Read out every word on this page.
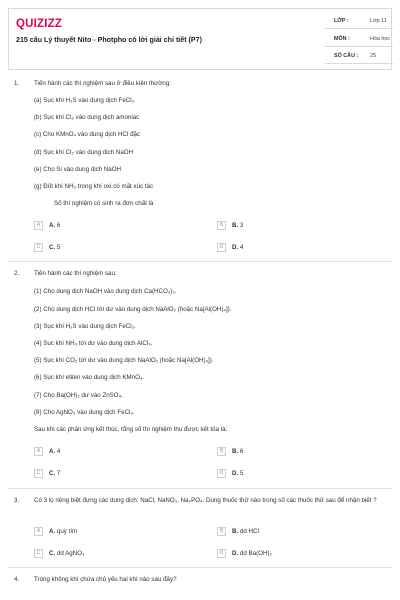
QUIZIZZ
215 câu Lý thuyết Nito - Photpho có lời giải chi tiết (P7)
LỚP :	Lớp 11
MÔN :	Hóa học
SỐ CÂU : 25
1. Tiến hành các thí nghiệm sau ở điều kiện thường:
(a) Sục khí H₂S vào dung dịch FeCl₃
(b) Sục khí Cl₂ vào dung dịch amoniac
(c) Cho KMnO₄ vào dung dịch HCl đặc
(d) Sục khí Cl₂ vào dung dịch NaOH
(e) Cho Si vào dung dịch NaOH
(g) Đốt khí NH₃ trong khí oxi có mặt xúc tác
Số thí nghiệm có sinh ra đơn chất là
A	A. 6	B	B. 3
C	C. 5	D	D. 4
2. Tiến hành các thí nghiệm sau:
(1) Cho dung dịch NaOH vào dung dịch Ca(HCO₃)₂.
(2) Cho dung dịch HCl tới dư vào dung dịch NaAlO₂ (hoặc Na[Al(OH)₄]).
(3) Sục khí H₂S vào dung dịch FeCl₂.
(4) Sục khí NH₃ tới dư vào dung dịch AlCl₃.
(5) Sục khí CO₂ tới dư vào dung dịch NaAlO₂ (hoặc Na[Al(OH)₄]).
(6) Sục khí etilen vào dung dịch KMnO₄.
(7) Cho Ba(OH)₂ dư vào ZnSO₄.
(8) Cho AgNO₃ vào dung dịch FeCl₃.
Sau khi các phản ứng kết thúc, tổng số thí nghiệm thu được kết tủa là:
A	A. 4	B	B. 6
C	C. 7	D	D. 5
3. Có 3 lọ riêng biệt đựng các dung dịch: NaCl, NaNO₃, Na₃PO₄. Dùng thuốc thử nào trong số các thuốc thử sau để nhận biết ?
A	A. quỳ tím	B	B. dd HCl
C	C. dd AgNO₃	D	D. dd Ba(OH)₂
4. Trong không khí chứa chủ yếu hai khí nào sau đây?
